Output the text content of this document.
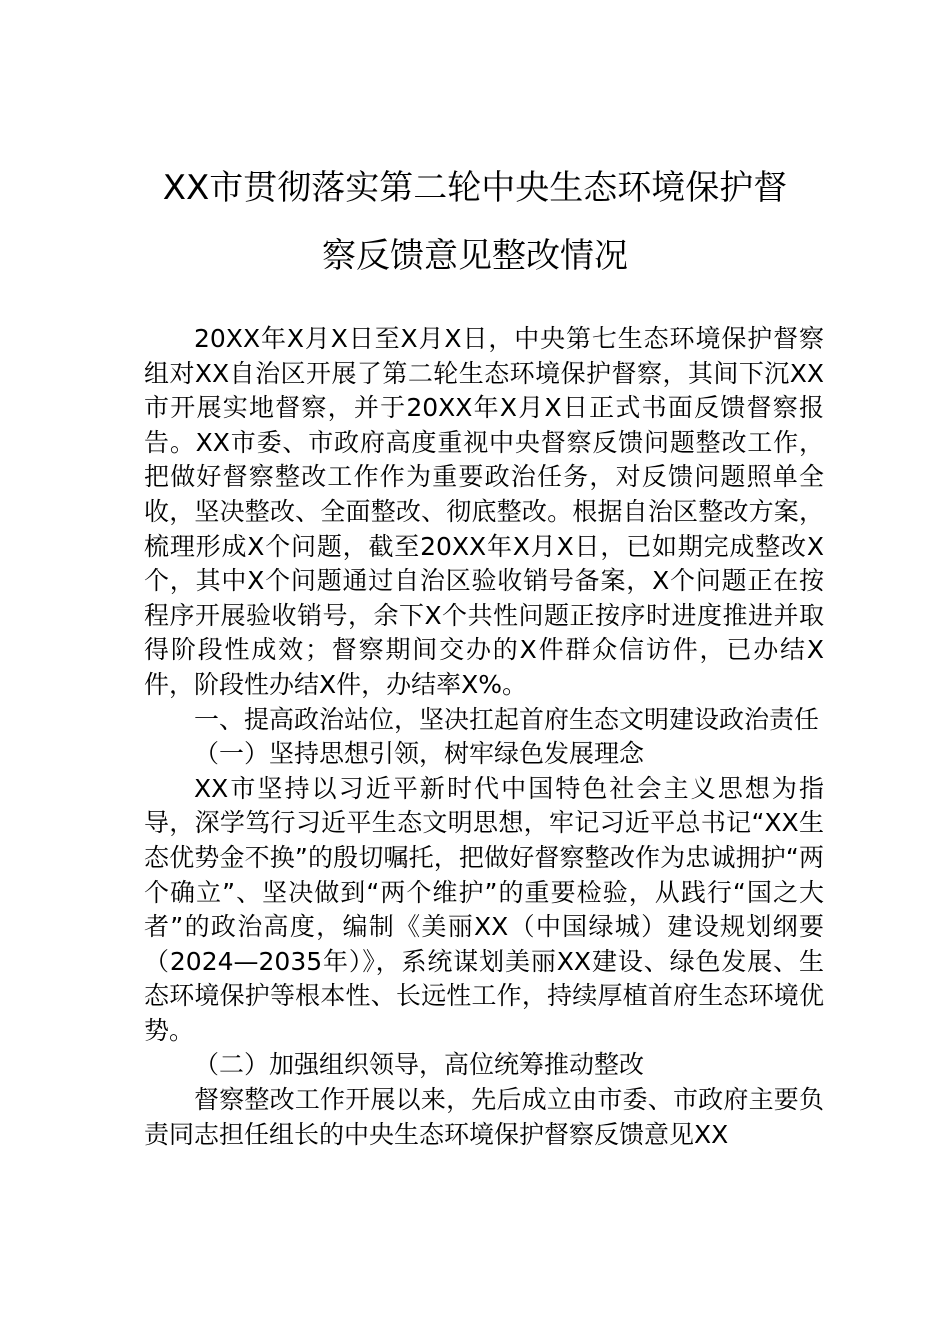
XX市贯彻落实第二轮中央生态环境保护督
察反馈意见整改情况

20XX年X月X日至X月X日，中央第七生态环境保护督察组对XX自治区开展了第二轮生态环境保护督察，其间下沉XX市开展实地督察，并于20XX年X月X日正式书面反馈督察报告。XX市委、市政府高度重视中央督察反馈问题整改工作，把做好督察整改工作作为重要政治任务，对反馈问题照单全收，坚决整改、全面整改、彻底整改。根据自治区整改方案，梳理形成X个问题，截至20XX年X月X日，已如期完成整改X个，其中X个问题通过自治区验收销号备案，X个问题正在按程序开展验收销号，余下X个共性问题正按序时进度推进并取得阶段性成效；督察期间交办的X件群众信访件，已办结X件，阶段性办结X件，办结率X%。

一、提高政治站位，坚决扛起首府生态文明建设政治责任

（一）坚持思想引领，树牢绿色发展理念

XX市坚持以习近平新时代中国特色社会主义思想为指导，深学笃行习近平生态文明思想，牢记习近平总书记“XX生态优势金不换”的殷切嘱托，把做好督察整改作为忠诚拥护“两个确立”、坚决做到“两个维护”的重要检验，从践行“国之大者”的政治高度，编制《美丽XX（中国绿城）建设规划纲要（2024—2035年）》，系统谋划美丽XX建设、绿色发展、生态环境保护等根本性、长远性工作，持续厚植首府生态环境优势。

（二）加强组织领导，高位统筹推动整改

督察整改工作开展以来，先后成立由市委、市政府主要负责同志担任组长的中央生态环境保护督察反馈意见XX
